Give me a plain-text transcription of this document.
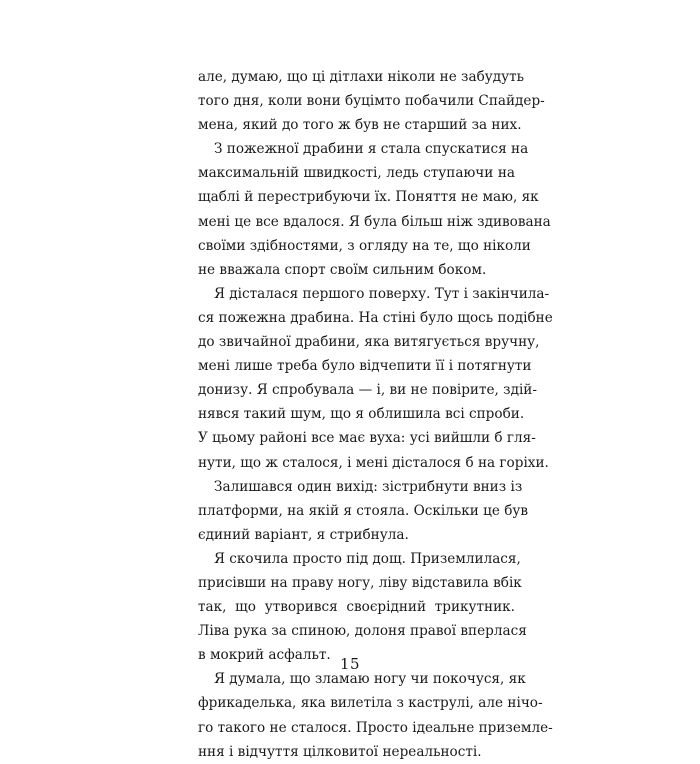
але, думаю, що ці дітлахи ніколи не забудуть
того дня, коли вони буцімто побачили Спайдер-
мена, який до того ж був не старший за них.

З пожежної драбини я стала спускатися на
максимальній швидкості, ледь ступаючи на
щаблі й перестрибуючи їх. Поняття не маю, як
мені це все вдалося. Я була більш ніж здивована
своїми здібностями, з огляду на те, що ніколи
не вважала спорт своїм сильним боком.

Я дісталася першого поверху. Тут і закінчила-
ся пожежна драбина. На стіні було щось подібне
до звичайної драбини, яка витягується вручну,
мені лише треба було відчепити її і потягнути
донизу. Я спробувала — і, ви не повірите, здій-
нявся такий шум, що я облишила всі спроби.
У цьому районі все має вуха: усі вийшли б гля-
нути, що ж сталося, і мені дісталося б на горіхи.

Залишався один вихід: зістрибнути вниз із
платформи, на якій я стояла. Оскільки це був
єдиний варіант, я стрибнула.

Я скочила просто під дощ. Приземлилася,
присівши на праву ногу, ліву відставила вбік
так, що утворився своєрідний трикутник.
Ліва рука за спиною, долоня правої вперлася
в мокрий асфальт.

Я думала, що зламаю ногу чи покочуся, як
фрикаделька, яка вилетіла з каструлі, але нічо-
го такого не сталося. Просто ідеальне приземле-
ння і відчуття цілковитої нереальності.

15
